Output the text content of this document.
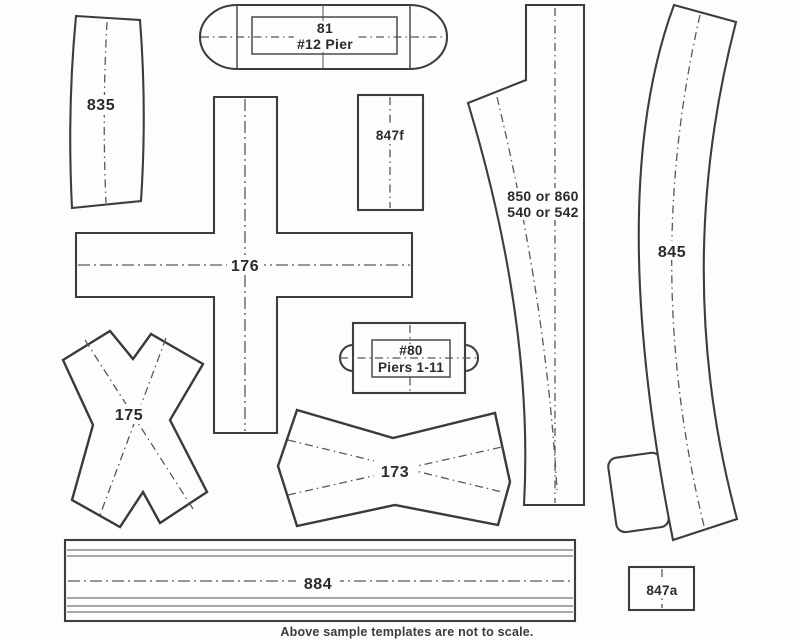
835
81
#12 Pier
847f
176
850 or 860
540 or 542
845
#80
Piers 1-11
175
173
884	847a
Above sample templates are not to scale.
